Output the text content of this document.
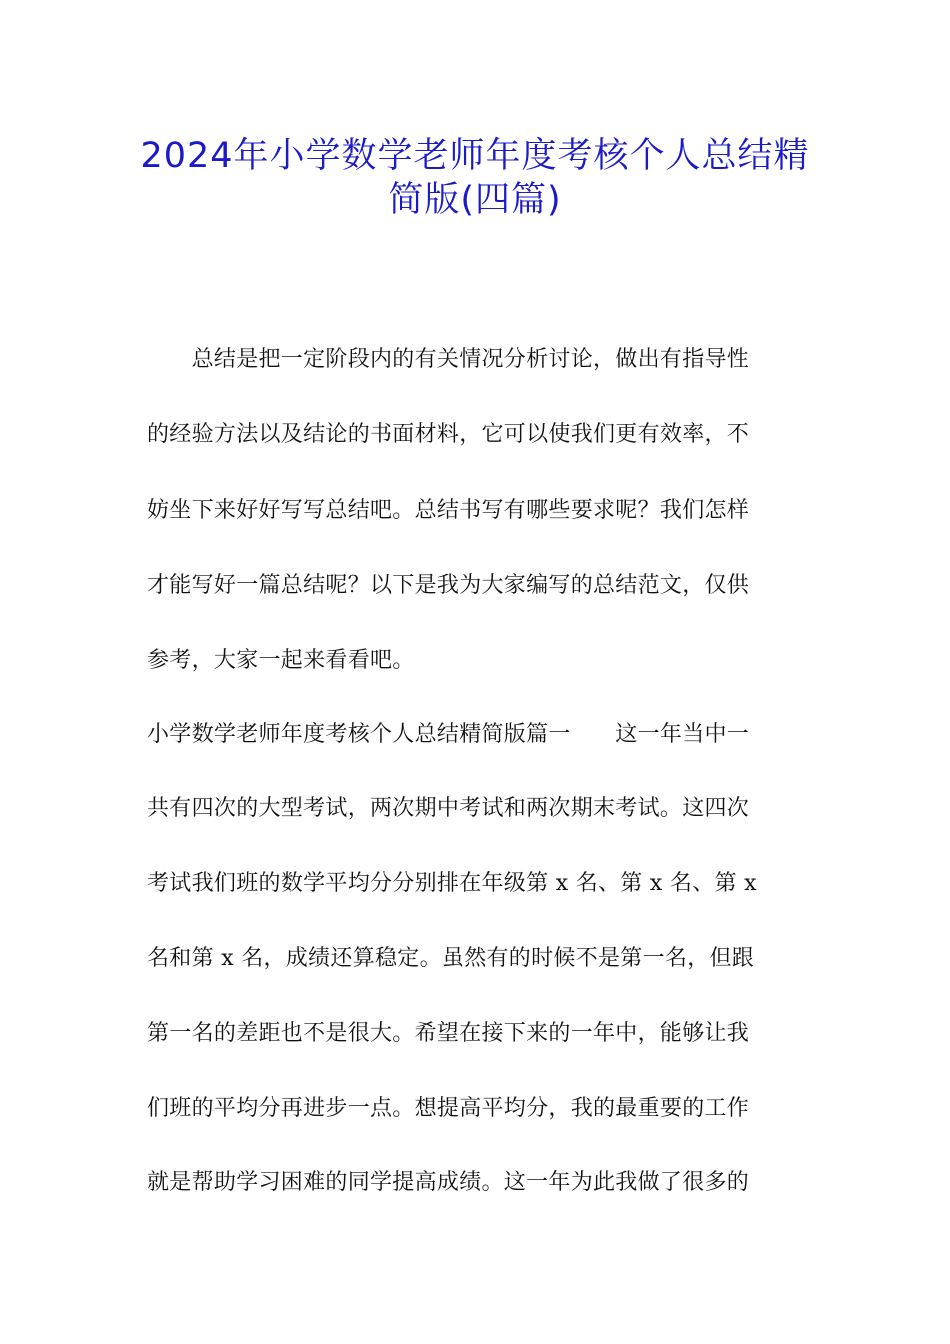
2024年小学数学老师年度考核个人总结精
简版(四篇)
　　总结是把一定阶段内的有关情况分析讨论，做出有指导性
的经验方法以及结论的书面材料，它可以使我们更有效率，不
妨坐下来好好写写总结吧。总结书写有哪些要求呢？我们怎样
才能写好一篇总结呢？以下是我为大家编写的总结范文，仅供
参考，大家一起来看看吧。
小学数学老师年度考核个人总结精简版篇一　　这一年当中一
共有四次的大型考试，两次期中考试和两次期末考试。这四次
考试我们班的数学平均分分别排在年级第 x 名、第 x 名、第 x
名和第 x 名，成绩还算稳定。虽然有的时候不是第一名，但跟
第一名的差距也不是很大。希望在接下来的一年中，能够让我
们班的平均分再进步一点。想提高平均分，我的最重要的工作
就是帮助学习困难的同学提高成绩。这一年为此我做了很多的
